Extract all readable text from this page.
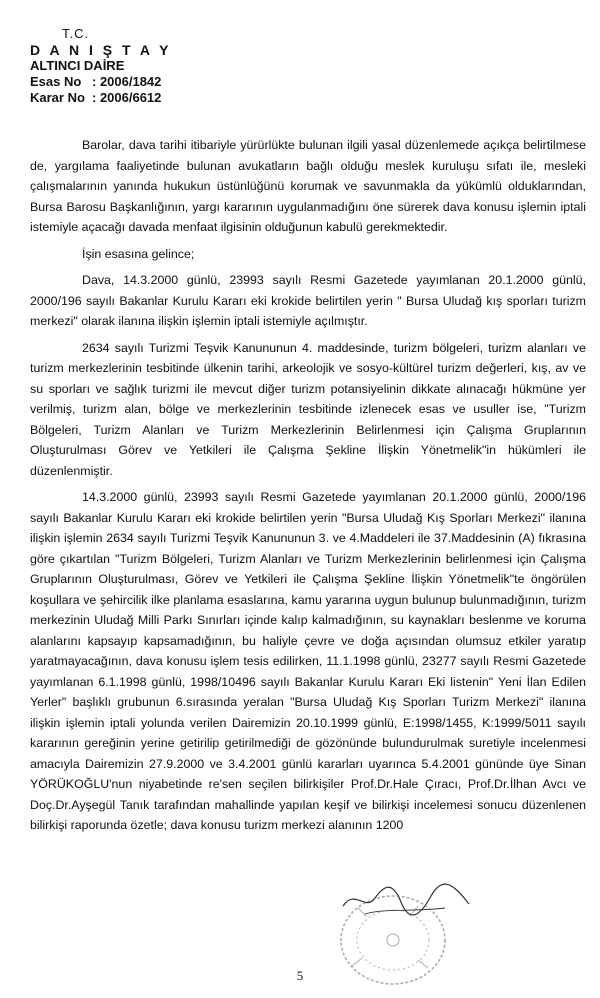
T.C.
D A N I Ş T A Y
ALTINCI DAİRE
Esas No : 2006/1842
Karar No : 2006/6612

Barolar, dava tarihi itibariyle yürürlükte bulunan ilgili yasal düzenlemede açıkça belirtilmese de, yargılama faaliyetinde bulunan avukatların bağlı olduğu meslek kuruluşu sıfatı ile, mesleki çalışmalarının yanında hukukun üstünlüğünü korumak ve savunmakla da yükümlü olduklarından, Bursa Barosu Başkanlığının, yargı kararının uygulanmadığını öne sürerek dava konusu işlemin iptali istemiyle açacağı davada menfaat ilgisinin olduğunun kabulü gerekmektedir.

İşin esasına gelince;

Dava, 14.3.2000 günlü, 23993 sayılı Resmi Gazetede yayımlanan 20.1.2000 günlü, 2000/196 sayılı Bakanlar Kurulu Kararı eki krokide belirtilen yerin " Bursa Uludağ kış sporları turizm merkezi" olarak ilanına ilişkin işlemin iptali istemiyle açılmıştır.

2634 sayılı Turizmi Teşvik Kanununun 4. maddesinde, turizm bölgeleri, turizm alanları ve turizm merkezlerinin tesbitinde ülkenin tarihi, arkeolojik ve sosyo-kültürel turizm değerleri, kış, av ve su sporları ve sağlık turizmi ile mevcut diğer turizm potansiyelinin dikkate alınacağı hükmüne yer verilmiş, turizm alan, bölge ve merkezlerinin tesbitinde izlenecek esas ve usuller ise, "Turizm Bölgeleri, Turizm Alanları ve Turizm Merkezlerinin Belirlenmesi için Çalışma Gruplarının Oluşturulması Görev ve Yetkileri ile Çalışma Şekline İlişkin Yönetmelik"in hükümleri ile düzenlenmiştir.

14.3.2000 günlü, 23993 sayılı Resmi Gazetede yayımlanan 20.1.2000 günlü, 2000/196 sayılı Bakanlar Kurulu Kararı eki krokide belirtilen yerin "Bursa Uludağ Kış Sporları Merkezi" ilanına ilişkin işlemin 2634 sayılı Turizmi Teşvik Kanununun 3. ve 4.Maddeleri ile 37.Maddesinin (A) fıkrasına göre çıkartılan "Turizm Bölgeleri, Turizm Alanları ve Turizm Merkezlerinin belirlenmesi için Çalışma Gruplarının Oluşturulması, Görev ve Yetkileri ile Çalışma Şekline İlişkin Yönetmelik"te öngörülen koşullara ve şehircilik ilke planlama esaslarına, kamu yararına uygun bulunup bulunmadığının, turizm merkezinin Uludağ Milli Parkı Sınırları içinde kalıp kalmadığının, su kaynakları beslenme ve koruma alanlarını kapsayıp kapsamadığının, bu haliyle çevre ve doğa açısından olumsuz etkiler yaratıp yaratmayacağının, dava konusu işlem tesis edilirken, 11.1.1998 günlü, 23277 sayılı Resmi Gazetede yayımlanan 6.1.1998 günlü, 1998/10496 sayılı Bakanlar Kurulu Kararı Eki listenin" Yeni İlan Edilen Yerler" başlıklı grubunun 6.sırasında yeralan "Bursa Uludağ Kış Sporları Turizm Merkezi" ilanına ilişkin işlemin iptali yolunda verilen Dairemizin 20.10.1999 günlü, E:1998/1455, K:1999/5011 sayılı kararının gereğinin yerine getirilip getirilmediği de gözönünde bulundurulmak suretiyle incelenmesi amacıyla Dairemizin 27.9.2000 ve 3.4.2001 günlü kararları uyarınca 5.4.2001 gününde üye Sinan YÖRÜKOĞLU'nun niyabetinde re'sen seçilen bilirkişiler Prof.Dr.Hale Çıracı, Prof.Dr.İlhan Avcı ve Doç.Dr.Ayşegül Tanık tarafından mahallinde yapılan keşif ve bilirkişi incelemesi sonucu düzenlenen bilirkişi raporunda özetle; dava konusu turizm merkezi alanının 1200

5
